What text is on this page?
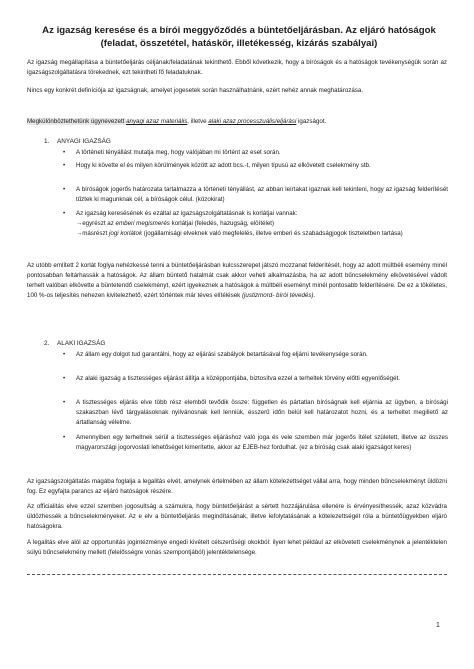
Az igazság keresése és a bírói meggyőződés a büntetőeljárásban. Az eljáró hatóságok (feladat, összetétel, hatáskör, illetékesség, kizárás szabályai)
Az igazság megállapítása a büntetőeljárás céljának/feladatának tekinthető. Ebből következik, hogy a bíróságok és a hatóságok tevékenységük során az igazságszolgáltatásra törekednek, ezt tekintheti fő feladatuknak.
Nincs egy konkrét definíciója az igazságnak, amelyet jogesetek során használhatnánk, ezért nehéz annak meghatározása.
Megkülönböztethetünk úgynevezett anyagi azaz materiális, illetve alaki azaz processzuális/eljárási igazságot.
1. ANYAGI IGAZSÁG
• A történeti tényállást mutatja meg, hogy valójában mi történt az eset során.
• Hogy ki követte el és milyen körülmények között az adott bcs.-t, milyen típusú az elkövetett cselekmény stb.
• A bíróságok jogerős határozata tartalmazza a történeti tényállást, az abban leírtakat igaznak kell tekinteni, hogy az igazság felderítését tűztek ki magunknak cél, a bíróságok célul. (közokirat)
• Az igazság keresésének és ezáltal az igazságszolgáltatásnak is korlátjai vannak:
→egyrészt az emberi megismerés korlátjai (feledés, hazugság, elöítélet)
→másrészt jogi korlátok (jogállamisági elveknek való megfelelés, illetve emberi és szabadságjogok tiszteletben tartása)
Az utóbb említett 2 korlát foglya nehézkessé tenni a büntetőeljárásban kulcsszerepet játszó mozzanat felderítését, hogy az adott múltbéli esemény minél pontosabban feltárhassák a hatóságok. Az állam büntető hatalmát csak akkor veheti alkalmazásba, ha az adott bűncselekmény elkövetésével vádolt terhelt valóban elkövette a büntetendő cselekményt, ezért igyekeznek a hatóságok a múltbéli eseményt minél pontosabb felderítésére. De ez a tökéletes, 100 %-os teljesítés nehezen kivitelezhető, ezért történtek már téves elítélések (justizmord- bírói tévedés).
2. ALAKI IGAZSÁG
• Az állam egy dolgot tud garantálni, hogy az eljárási szabályok betartásával fog eljárni tevékenysége során.
• Az alaki igazság a tisztességes eljárást állítja a középpontjába, biztosítva ezzel a terheltek törvény előtti egyenlőségét.
• A tisztességes eljárás elve több rész elemből tevődik össze: független és pártatlan bíróságnak kell eljárnia az ügyben, a bírósági szakaszban lévő tárgyalásoknak nyilvánosnak kell lenniük, ésszerű időn belül kell határozatot hozni, és a terheltet megillető az ártatlanság vélelme.
• Amennyiben egy terheltnek sérül a tisztességes eljáráshoz való joga és vele szemben már jogerős ítélet született, illetve az összes magyarországi jogorvoslati lehetőséget kimerítette, akkor az EJEB-hez fordulhat. (ez a bíróság csak alaki igazságot keres)
Az igazságszolgáltatás magába foglalja a legalitás elvét, amelynek értelmében az állam kötelezettséget vállal arra, hogy minden bűncselekményt üldözni fog. Ez egyfajta parancs az eljáró hatóságok részére.
Az officialitás elve ezzel szemben jogosultság a számukra, hogy büntetőeljárást a sértett hozzájárulása ellenére is érvényesíthessék, azaz közvádra üldözhessék a bűncselekményeket. Az e elv a büntetőeljárás megindításának, illetve lefolytatásának a kötelezettségét róla a büntetőügyekben eljáró hatóságokra.
A legalitás elve alól az opportunitás jogintézménye engedi kivételt célszerűségi okokból: ilyen lehet például az elkövetett cselekménynek a jelentéktelen súlyú bűncselekmény mellett (felelősségre vonás szempontjából) jelentéktelensége.
1
